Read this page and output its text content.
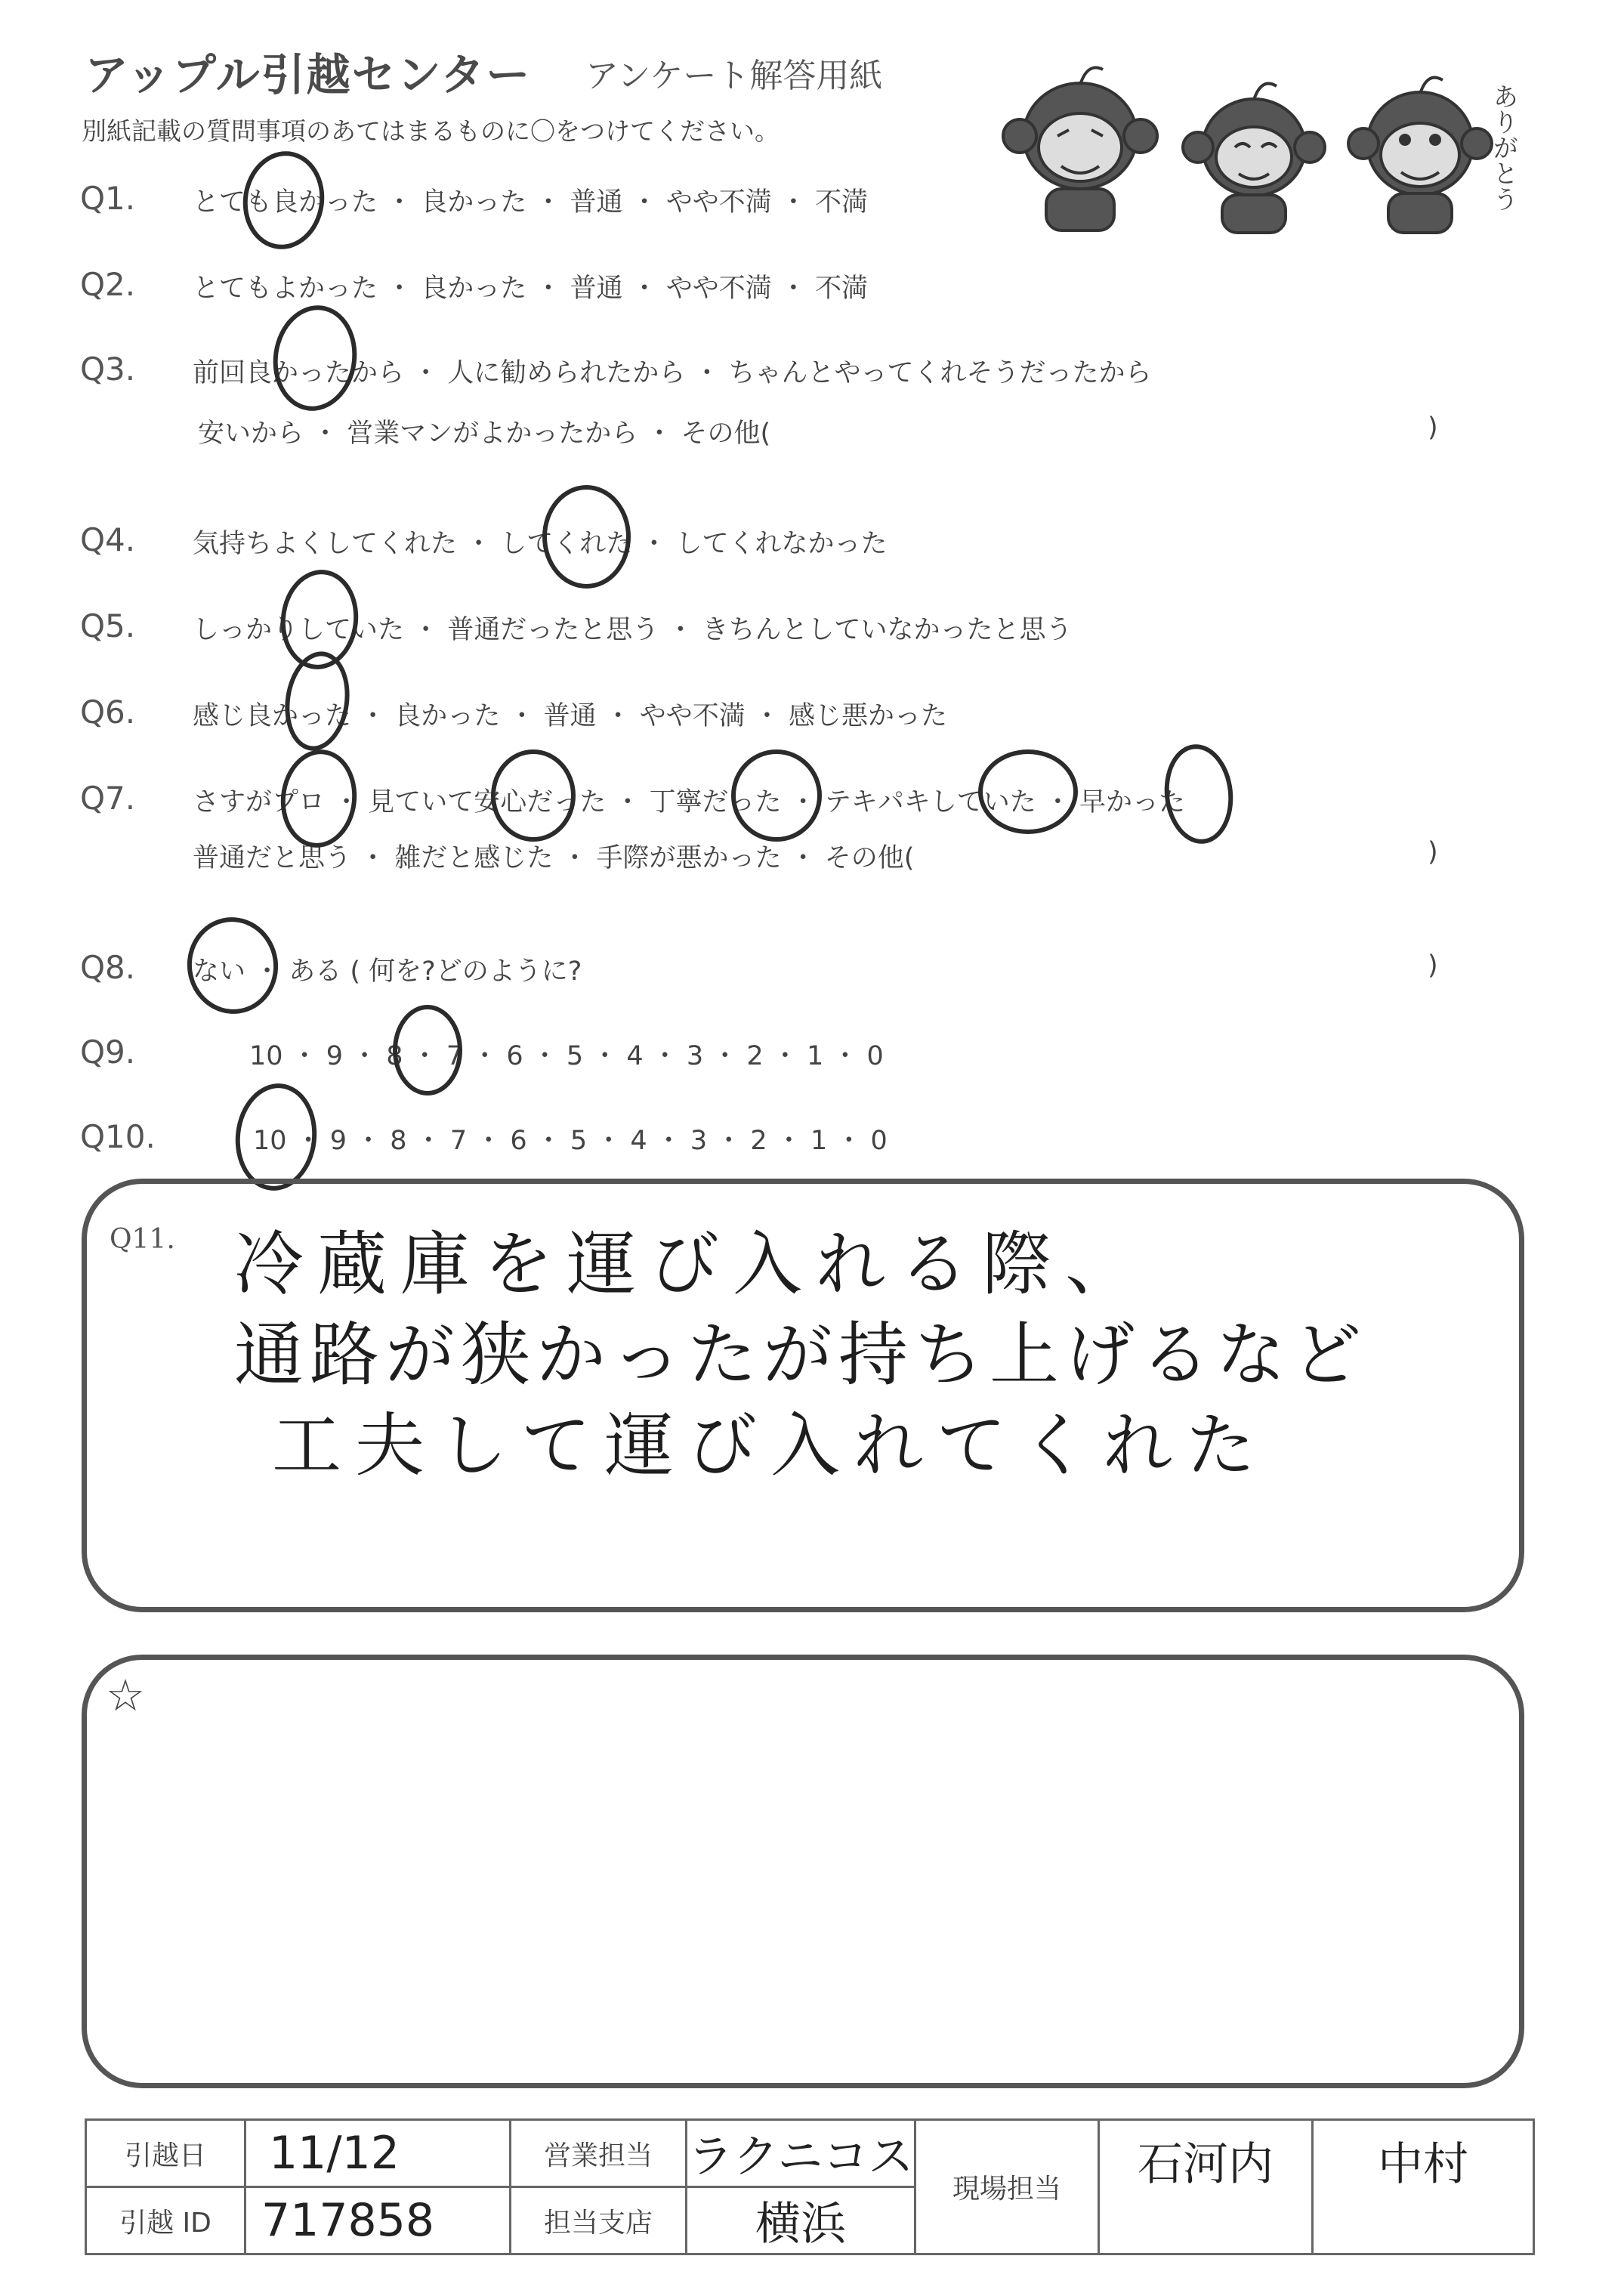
アップル引越センター アンケート解答用紙
別紙記載の質問事項のあてはまるものに〇をつけてください。	ありがとう
Q1. とても良かった ・ 良かった ・ 普通 ・ やや不満 ・ 不満
Q2. とてもよかった ・ 良かった ・ 普通 ・ やや不満 ・ 不満
Q3. 前回良かったから ・ 人に勧められたから ・ ちゃんとやってくれそうだったから
安いから ・ 営業マンがよかったから ・ その他(	)
Q4. 気持ちよくしてくれた ・ してくれた ・ してくれなかった
Q5. しっかりしていた ・ 普通だったと思う ・ きちんとしていなかったと思う
Q6. 感じ良かった ・ 良かった ・ 普通 ・ やや不満 ・ 感じ悪かった
Q7. さすがプロ ・ 見ていて安心だった ・ 丁寧だった ・ テキパキしていた ・ 早かった
普通だと思う ・ 雑だと感じた ・ 手際が悪かった ・ その他(	)
Q8. ない ・ ある ( 何を?どのように?	)
Q9.	10 ・ 9 ・ 8 ・ 7 ・ 6 ・ 5 ・ 4 ・ 3 ・ 2 ・ 1 ・ 0
Q10.	10 ・ 9 ・ 8 ・ 7 ・ 6 ・ 5 ・ 4 ・ 3 ・ 2 ・ 1 ・ 0
Q11. 冷蔵庫を運び入れる際、
通路が狭かったが持ち上げるなど
工夫して運び入れてくれた
☆
引越日	11/12	営業担当	ラクニコス	現場担当	石河内	中村
引越 ID	717858	担当支店	横浜			
